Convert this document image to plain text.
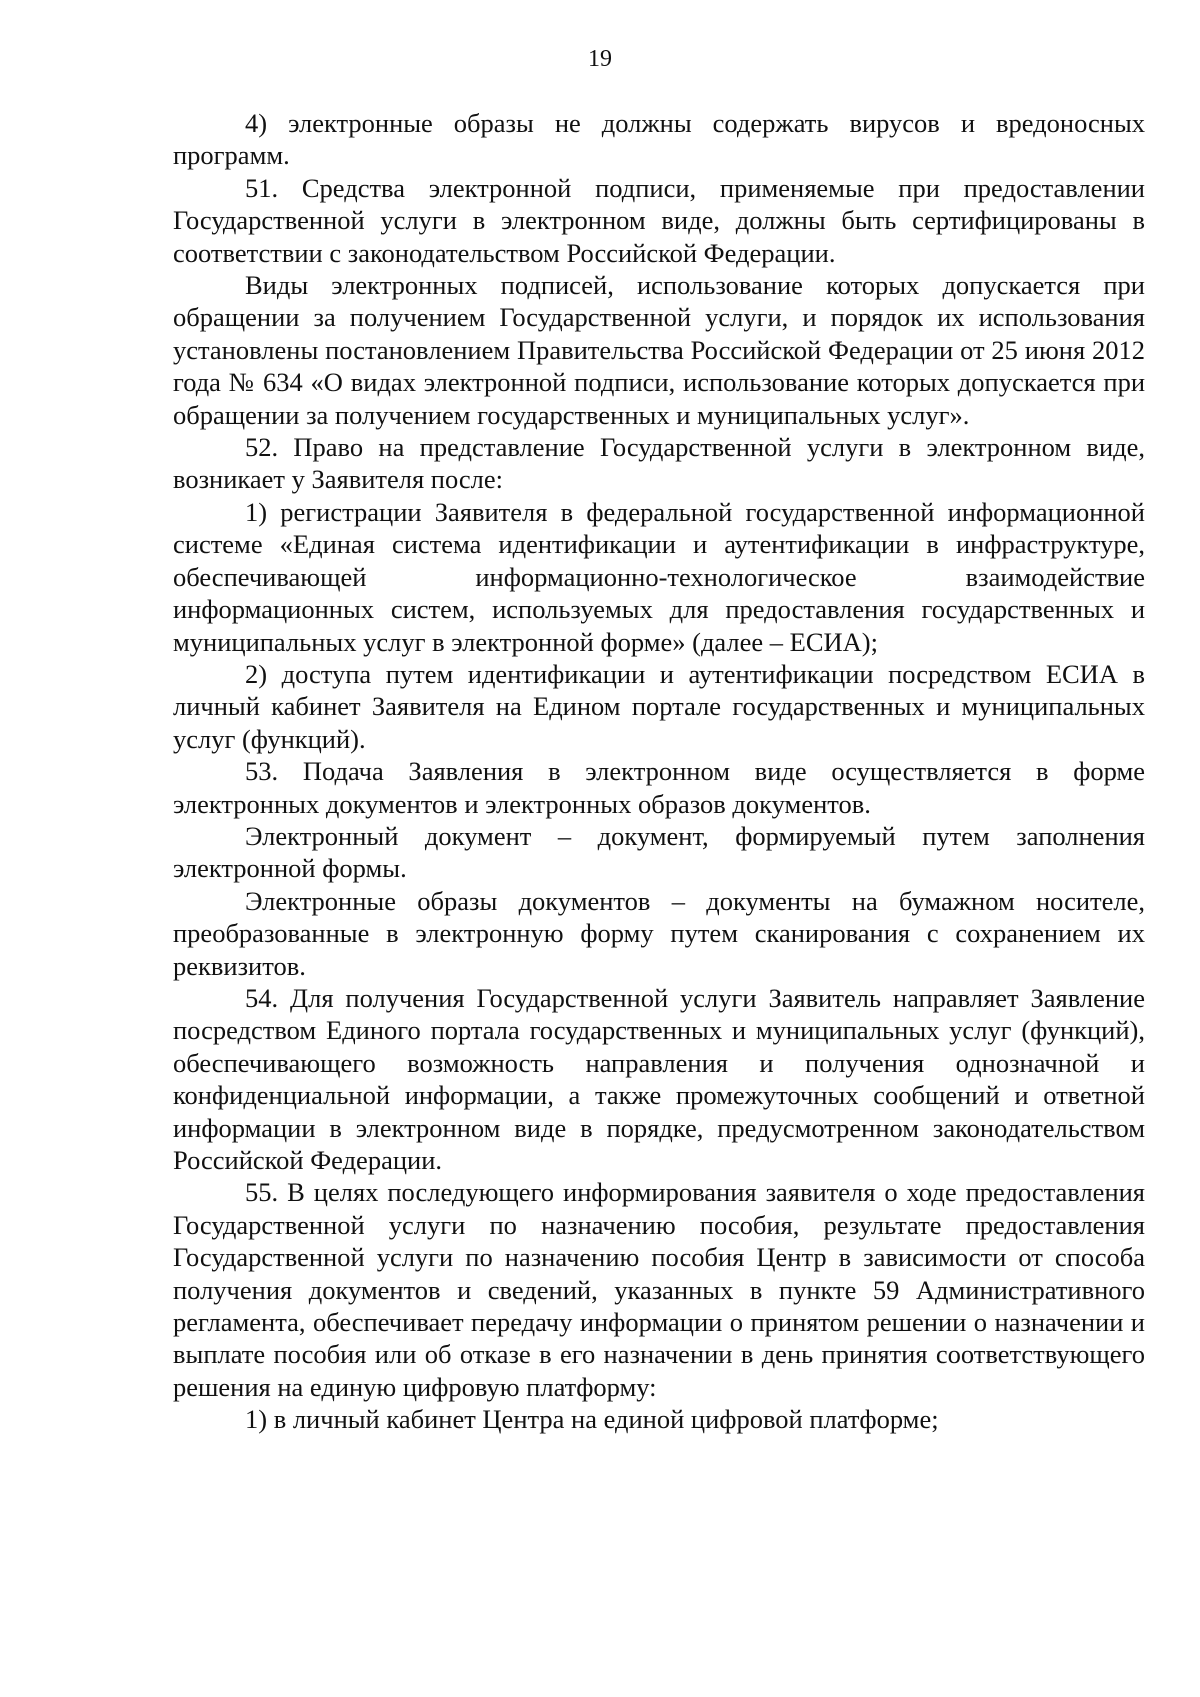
19

4) электронные образы не должны содержать вирусов и вредоносных программ.

51. Средства электронной подписи, применяемые при предоставлении Государственной услуги в электронном виде, должны быть сертифицированы в соответствии с законодательством Российской Федерации.

Виды электронных подписей, использование которых допускается при обращении за получением Государственной услуги, и порядок их использования установлены постановлением Правительства Российской Федерации от 25 июня 2012 года № 634 «О видах электронной подписи, использование которых допускается при обращении за получением государственных и муниципальных услуг».

52. Право на представление Государственной услуги в электронном виде, возникает у Заявителя после:

1) регистрации Заявителя в федеральной государственной информационной системе «Единая система идентификации и аутентификации в инфраструктуре, обеспечивающей информационно-технологическое взаимодействие информационных систем, используемых для предоставления государственных и муниципальных услуг в электронной форме» (далее – ЕСИА);

2) доступа путем идентификации и аутентификации посредством ЕСИА в личный кабинет Заявителя на Едином портале государственных и муниципальных услуг (функций).

53. Подача Заявления в электронном виде осуществляется в форме электронных документов и электронных образов документов.

Электронный документ – документ, формируемый путем заполнения электронной формы.

Электронные образы документов – документы на бумажном носителе, преобразованные в электронную форму путем сканирования с сохранением их реквизитов.

54. Для получения Государственной услуги Заявитель направляет Заявление посредством Единого портала государственных и муниципальных услуг (функций), обеспечивающего возможность направления и получения однозначной и конфиденциальной информации, а также промежуточных сообщений и ответной информации в электронном виде в порядке, предусмотренном законодательством Российской Федерации.

55. В целях последующего информирования заявителя о ходе предоставления Государственной услуги по назначению пособия, результате предоставления Государственной услуги по назначению пособия Центр в зависимости от способа получения документов и сведений, указанных в пункте 59 Административного регламента, обеспечивает передачу информации о принятом решении о назначении и выплате пособия или об отказе в его назначении в день принятия соответствующего решения на единую цифровую платформу:

1) в личный кабинет Центра на единой цифровой платформе;
